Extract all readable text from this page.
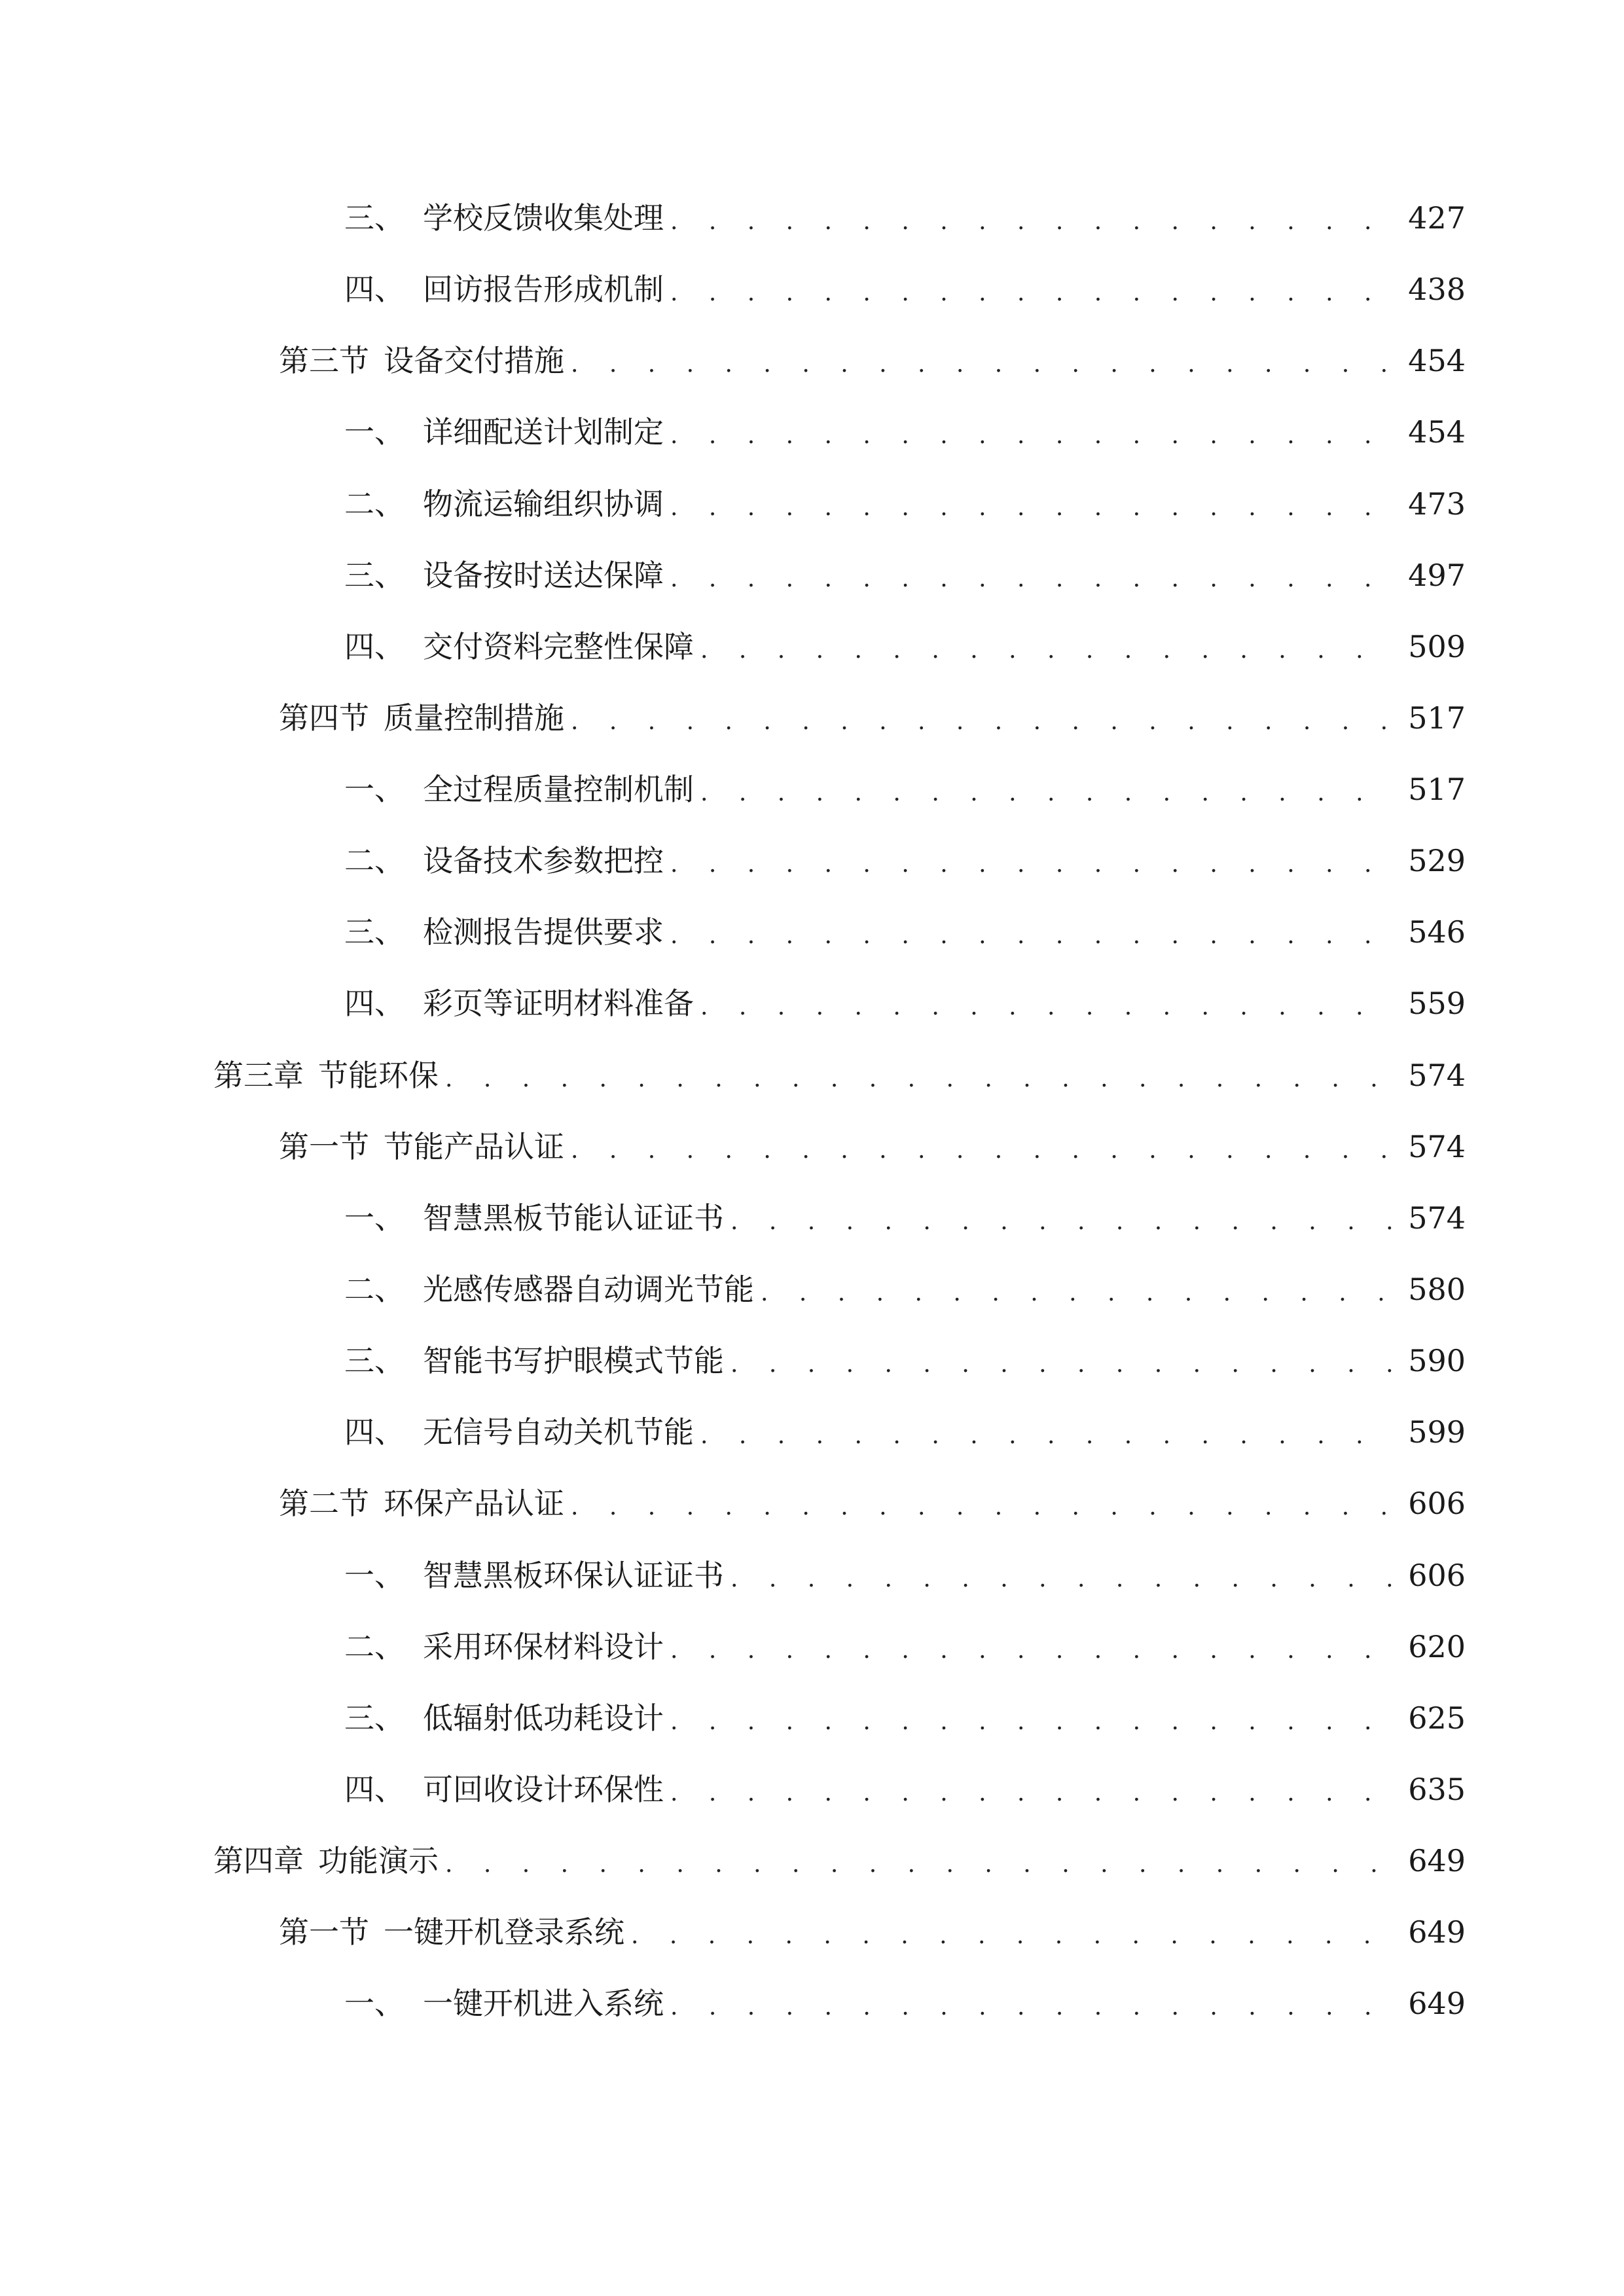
三、 学校反馈收集处理 . . .	427
四、 回访报告形成机制 . . .	438
第三节 设备交付措施 . . .	454
一、 详细配送计划制定 . . .	454
二、 物流运输组织协调 . . .	473
三、 设备按时送达保障 . . .	497
四、 交付资料完整性保障 . . .	509
第四节 质量控制措施 . . .	517
一、 全过程质量控制机制 . . .	517
二、 设备技术参数把控 . . .	529
三、 检测报告提供要求 . . .	546
四、 彩页等证明材料准备 . . .	559
第三章 节能环保 . . .	574
第一节 节能产品认证 . . .	574
一、 智慧黑板节能认证证书 . . .	574
二、 光感传感器自动调光节能 . . .	580
三、 智能书写护眼模式节能 . . .	590
四、 无信号自动关机节能 . . .	599
第二节 环保产品认证 . . .	606
一、 智慧黑板环保认证证书 . . .	606
二、 采用环保材料设计 . . .	620
三、 低辐射低功耗设计 . . .	625
四、 可回收设计环保性 . . .	635
第四章 功能演示 . . .	649
第一节 一键开机登录系统 . . .	649
一、 一键开机进入系统 . . .	649
